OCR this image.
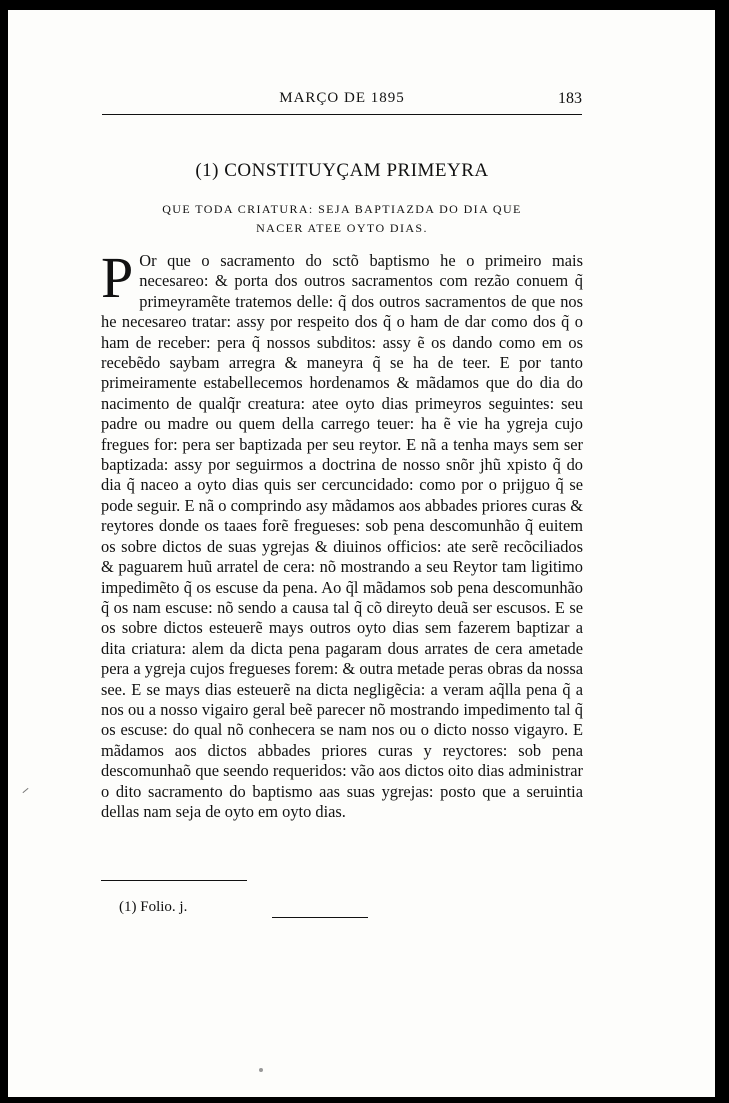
MARÇO DE 1895	183
(1) CONSTITUYÇAM PRIMEYRA
QUE TODA CRIATURA: SEJA BAPTIAZDA DO DIA QUE NACER ATEE OYTO DIAS.

P Or que o sacramento do sctõ baptismo he o primeiro mais necesareo: & porta dos outros sacramentos com rezão conuem q̃ primeyramẽte tratemos delle: q̃ dos outros sacramentos de que nos he necesareo tratar: assy por respeito dos q̃ o ham de dar como dos q̃ o ham de receber: pera q̃ nossos subditos: assy ẽ os dando como em os recebẽdo saybam arregra & maneyra q̃ se ha de teer. E por tanto primeiramente estabellecemos hordenamos & mãdamos que do dia do nacimento de qualq̃r creatura: atee oyto dias primeyros seguintes: seu padre ou madre ou quem della carrego teuer: ha ẽ vie ha ygreja cujo fregues for: pera ser baptizada per seu reytor. E nã a tenha mays sem ser baptizada: assy por seguirmos a doctrina de nosso snõr jhũ xpisto q̃ do dia q̃ naceo a oyto dias quis ser cercuncidado: como por o prijguo q̃ se pode seguir. E nã o comprindo asy mãdamos aos abbades priores curas & reytores donde os taaes forẽ fregueses: sob pena descomunhão q̃ euitem os sobre dictos de suas ygrejas & diuinos officios: ate serẽ recõciliados & paguarem huũ arratel de cera: nõ mostrando a seu Reytor tam ligitimo impedimẽto q̃ os escuse da pena. Ao q̃l mãdamos sob pena descomunhão q̃ os nam escuse: nõ sendo a causa tal q̃ cõ direyto deuã ser escusos. E se os sobre dictos esteuerẽ mays outros oyto dias sem fazerem baptizar a dita criatura: alem da dicta pena pagaram dous arrates de cera ametade pera a ygreja cujos fregueses forem: & outra metade peras obras da nossa see. E se mays dias esteuerẽ na dicta negligẽcia: a veram aq̃lla pena q̃ a nos ou a nosso vigairo geral beẽ parecer nõ mostrando impedimento tal q̃ os escuse: do qual nõ conhecera se nam nos ou o dicto nosso vigayro. E mãdamos aos dictos abbades priores curas y reyctores: sob pena descomunhaõ que seendo requeridos: vão aos dictos oito dias administrar o dito sacramento do baptismo aas suas ygrejas: posto que a seruintia dellas nam seja de oyto em oyto dias.

(1) Folio. j.
